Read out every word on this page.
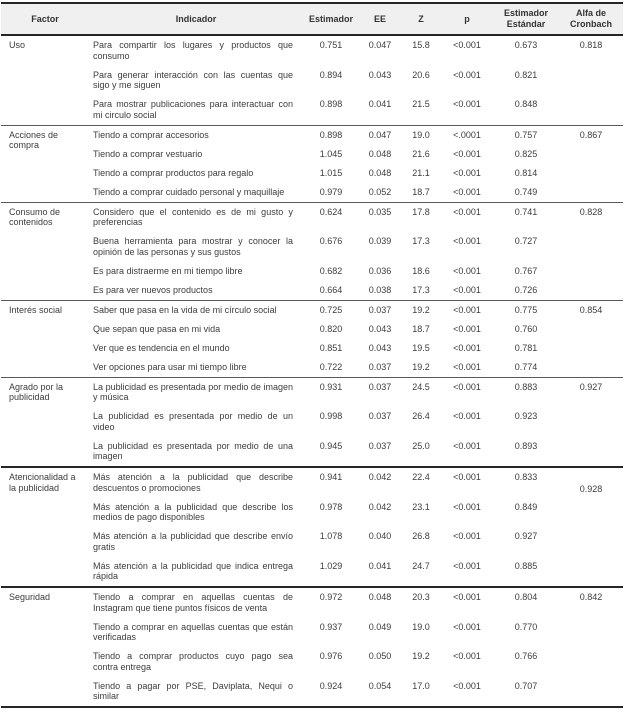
Factor	Indicador	Estimador	EE	Z	p	Estimador Estándar	Alfa de Cronbach
Uso	Para compartir los lugares y productos que consumo	0.751	0.047	15.8	<0.001	0.673	0.818
	Para generar interacción con las cuentas que sigo y me siguen	0.894	0.043	20.6	<0.001	0.821	
	Para mostrar publicaciones para interactuar con mi circulo social	0.898	0.041	21.5	<0.001	0.848	
Acciones de compra	Tiendo a comprar accesorios	0.898	0.047	19.0	<.0001	0.757	0.867
	Tiendo a comprar vestuario	1.045	0.048	21.6	<0.001	0.825	
	Tiendo a comprar productos para regalo	1.015	0.048	21.1	<0.001	0.814	
	Tiendo a comprar cuidado personal y maquillaje	0.979	0.052	18.7	<0.001	0.749	
Consumo de contenidos	Considero que el contenido es de mi gusto y preferencias	0.624	0.035	17.8	<0.001	0.741	0.828
	Buena herramienta para mostrar y conocer la opinión de las personas y sus gustos	0.676	0.039	17.3	<0.001	0.727	
	Es para distraerme en mi tiempo libre	0.682	0.036	18.6	<0.001	0.767	
	Es para ver nuevos productos	0.664	0.038	17.3	<0.001	0.726	
Interés social	Saber que pasa en la vida de mi círculo social	0.725	0.037	19.2	<0.001	0.775	0.854
	Que sepan que pasa en mi vida	0.820	0.043	18.7	<0.001	0.760	
	Ver que es tendencia en el mundo	0.851	0.043	19.5	<0.001	0.781	
	Ver opciones para usar mi tiempo libre	0.722	0.037	19.2	<0.001	0.774	
Agrado por la publicidad	La publicidad es presentada por medio de imagen y música	0.931	0.037	24.5	<0.001	0.883	0.927
	La publicidad es presentada por medio de un video	0.998	0.037	26.4	<0.001	0.923	
	La publicidad es presentada por medio de una imagen	0.945	0.037	25.0	<0.001	0.893	
Atencionalidad a la publicidad	Más atención a la publicidad que describe descuentos o promociones	0.941	0.042	22.4	<0.001	0.833	0.928
	Más atención a la publicidad que describe los medios de pago disponibles	0.978	0.042	23.1	<0.001	0.849	
	Más atención a la publicidad que describe envío gratis	1.078	0.040	26.8	<0.001	0.927	
	Más atención a la publicidad que indica entrega rápida	1.029	0.041	24.7	<0.001	0.885	
Seguridad	Tiendo a comprar en aquellas cuentas de Instagram que tiene puntos físicos de venta	0.972	0.048	20.3	<0.001	0.804	0.842
	Tiendo a comprar en aquellas cuentas que están verificadas	0.937	0.049	19.0	<0.001	0.770	
	Tiendo a comprar productos cuyo pago sea contra entrega	0.976	0.050	19.2	<0.001	0.766	
	Tiendo a pagar por PSE, Daviplata, Nequi o similar	0.924	0.054	17.0	<0.001	0.707	
